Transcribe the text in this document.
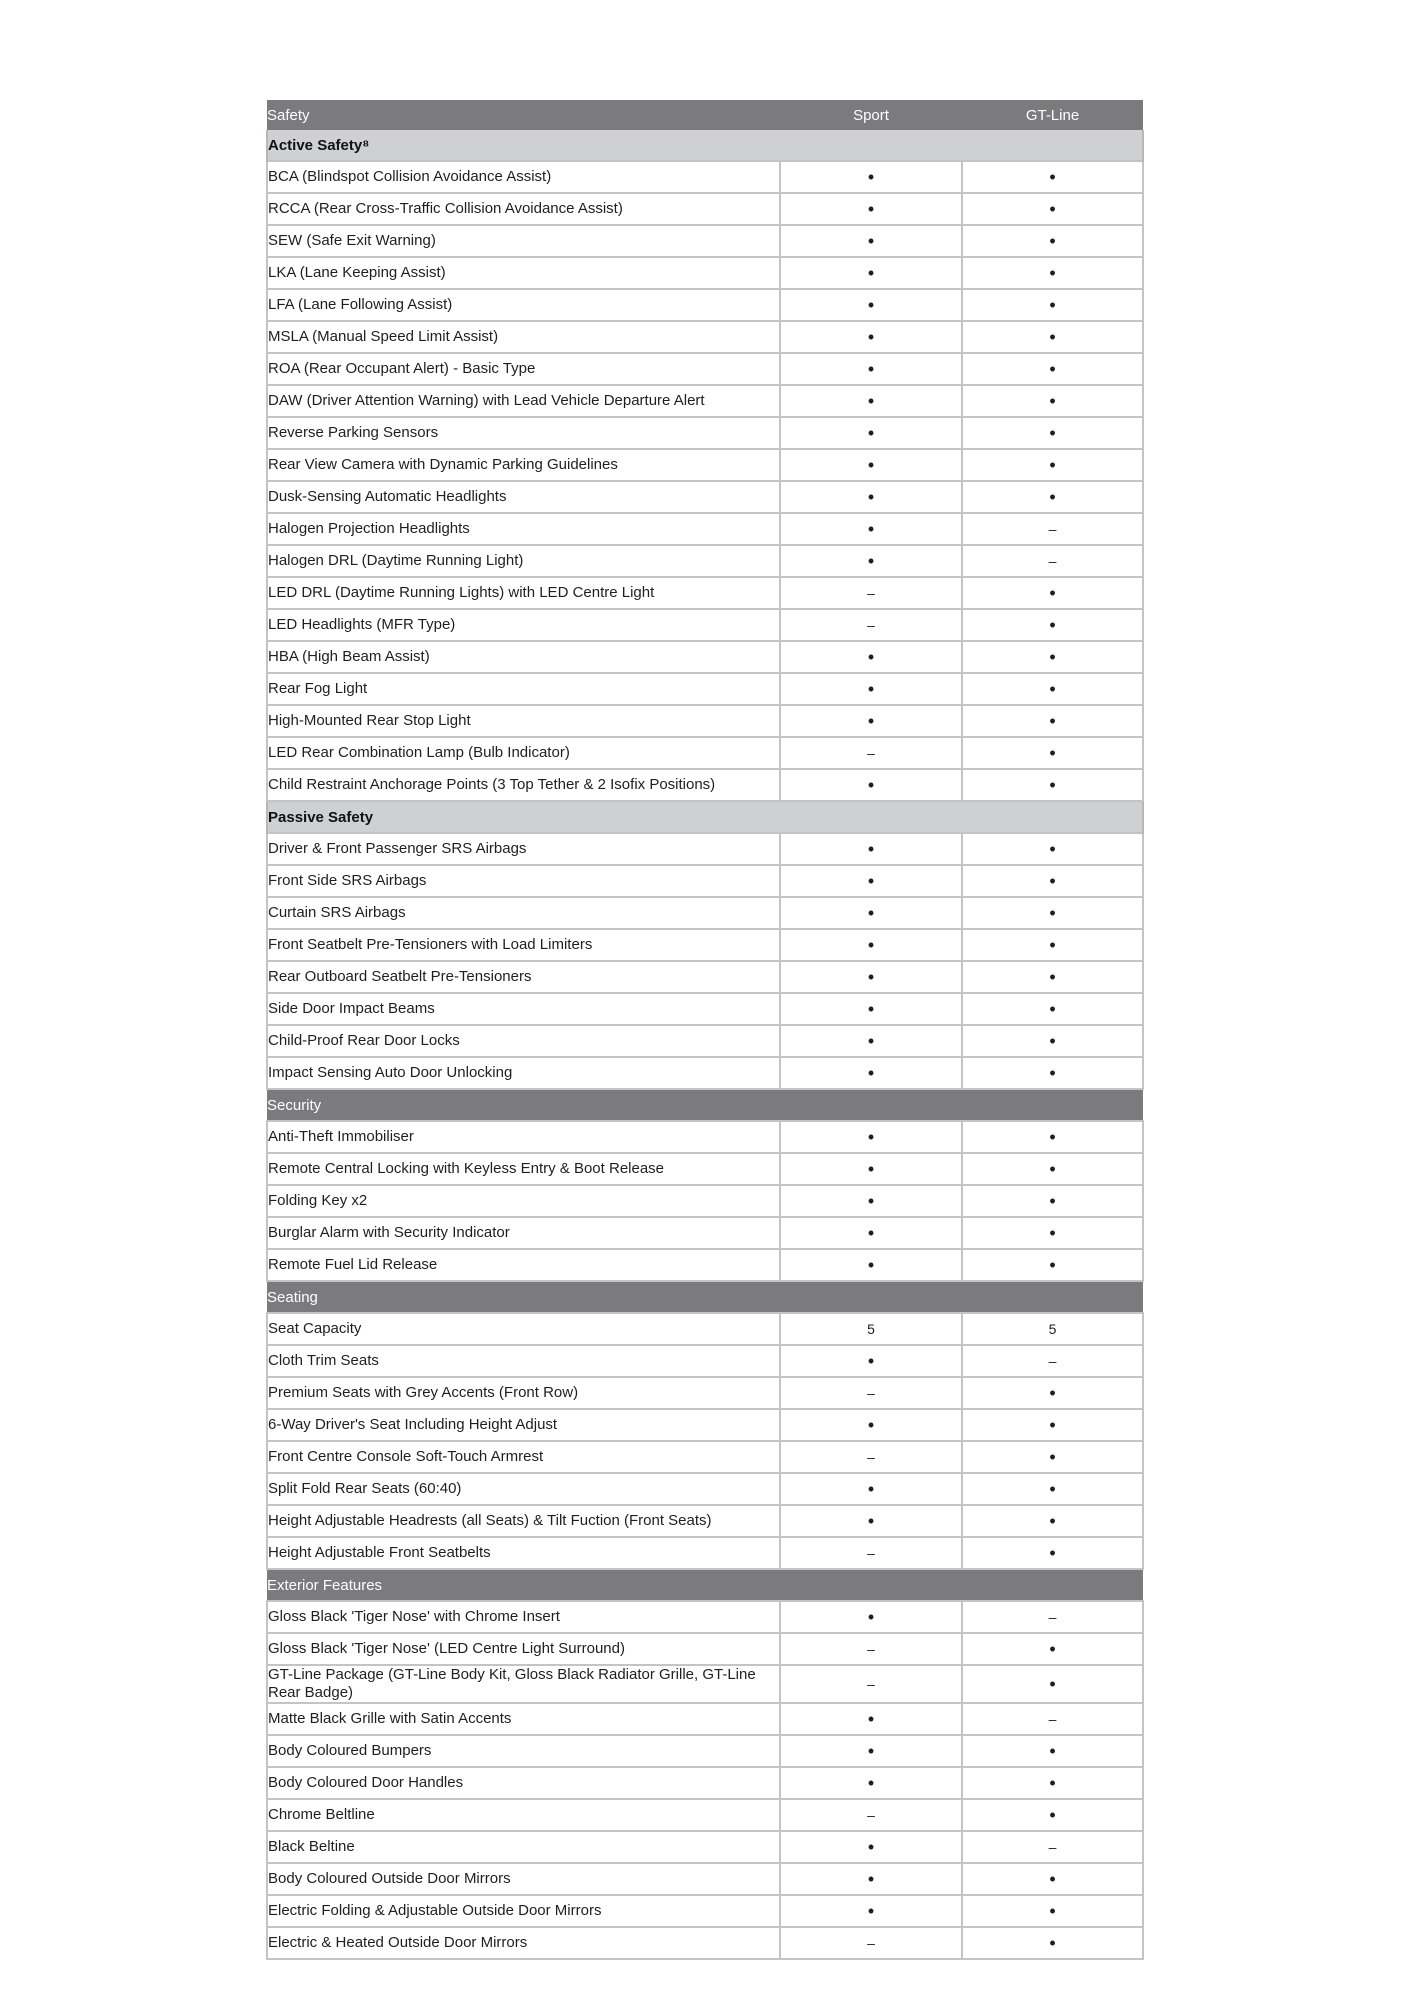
Safety	Sport	GT-Line
Active Safety⁸		
BCA (Blindspot Collision Avoidance Assist)	•	•
RCCA (Rear Cross-Traffic Collision Avoidance Assist)	•	•
SEW (Safe Exit Warning)	•	•
LKA (Lane Keeping Assist)	•	•
LFA (Lane Following Assist)	•	•
MSLA (Manual Speed Limit Assist)	•	•
ROA (Rear Occupant Alert) - Basic Type	•	•
DAW (Driver Attention Warning) with Lead Vehicle Departure Alert	•	•
Reverse Parking Sensors	•	•
Rear View Camera with Dynamic Parking Guidelines	•	•
Dusk-Sensing Automatic Headlights	•	•
Halogen Projection Headlights	•	–
Halogen DRL (Daytime Running Light)	•	–
LED DRL (Daytime Running Lights) with LED Centre Light	–	•
LED Headlights (MFR Type)	–	•
HBA (High Beam Assist)	•	•
Rear Fog Light	•	•
High-Mounted Rear Stop Light	•	•
LED Rear Combination Lamp (Bulb Indicator)	–	•
Child Restraint Anchorage Points (3 Top Tether & 2 Isofix Positions)	•	•
Passive Safety		
Driver & Front Passenger SRS Airbags	•	•
Front Side SRS Airbags	•	•
Curtain SRS Airbags	•	•
Front Seatbelt Pre-Tensioners with Load Limiters	•	•
Rear Outboard Seatbelt Pre-Tensioners	•	•
Side Door Impact Beams	•	•
Child-Proof Rear Door Locks	•	•
Impact Sensing Auto Door Unlocking	•	•
Security		
Anti-Theft Immobiliser	•	•
Remote Central Locking with Keyless Entry & Boot Release	•	•
Folding Key x2	•	•
Burglar Alarm with Security Indicator	•	•
Remote Fuel Lid Release	•	•
Seating		
Seat Capacity	5	5
Cloth Trim Seats	•	–
Premium Seats with Grey Accents (Front Row)	–	•
6-Way Driver's Seat Including Height Adjust	•	•
Front Centre Console Soft-Touch Armrest	–	•
Split Fold Rear Seats (60:40)	•	•
Height Adjustable Headrests (all Seats) & Tilt Fuction (Front Seats)	•	•
Height Adjustable Front Seatbelts	–	•
Exterior Features		
Gloss Black 'Tiger Nose' with Chrome Insert	•	–
Gloss Black 'Tiger Nose' (LED Centre Light Surround)	–	•
GT-Line Package (GT-Line Body Kit, Gloss Black Radiator Grille, GT-Line Rear Badge)	–	•
Matte Black Grille with Satin Accents	•	–
Body Coloured Bumpers	•	•
Body Coloured Door Handles	•	•
Chrome Beltline	–	•
Black Beltine	•	–
Body Coloured Outside Door Mirrors	•	•
Electric Folding & Adjustable Outside Door Mirrors	•	•
Electric & Heated Outside Door Mirrors	–	•
